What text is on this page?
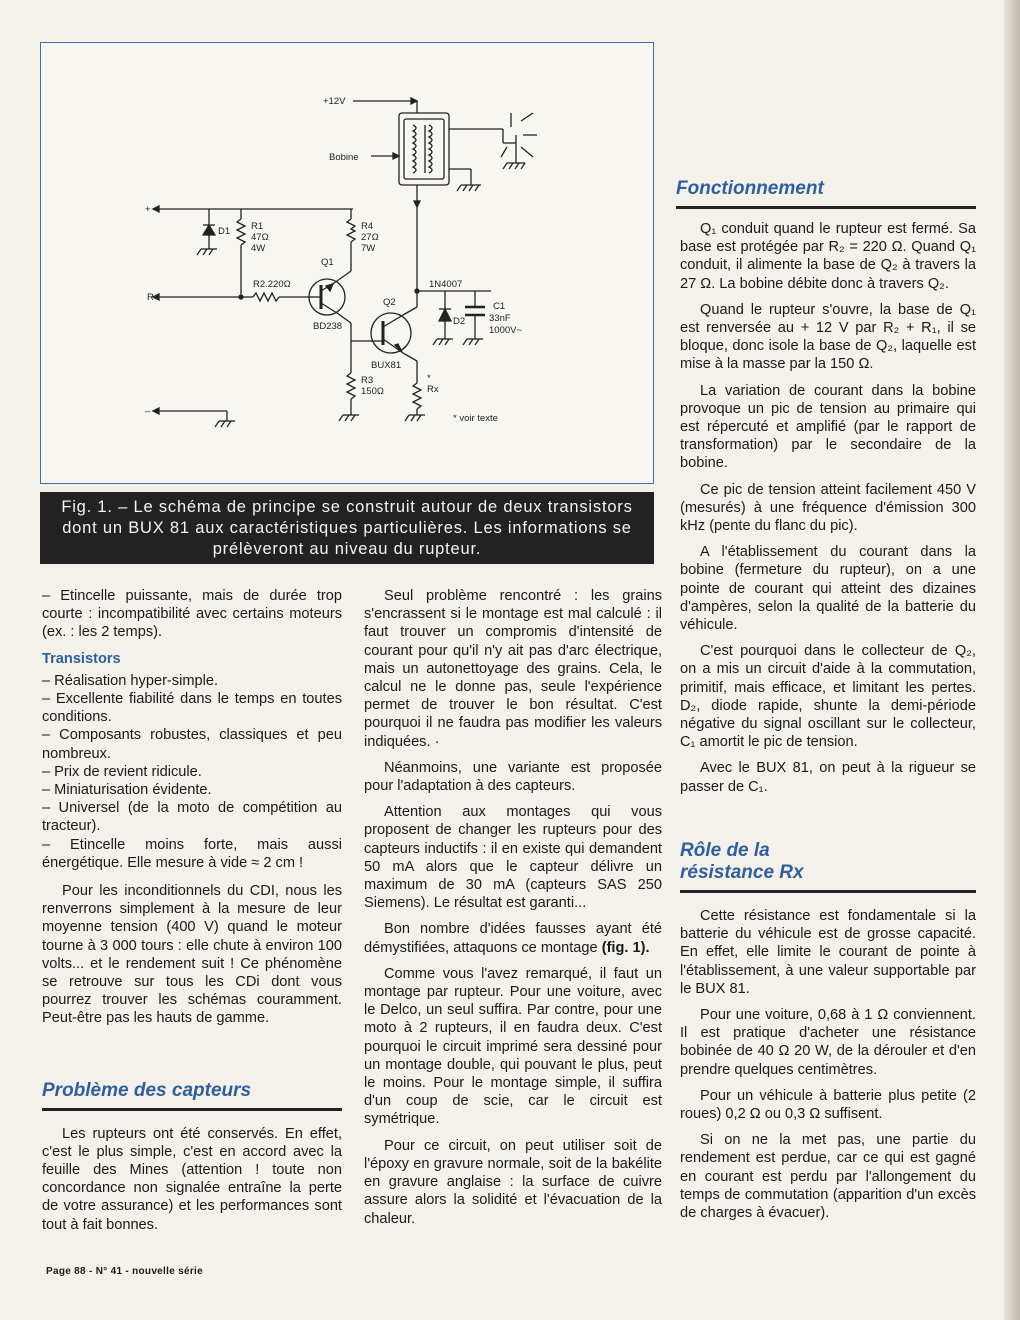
+12V
Bobine
+
R
–
D1 R1
47Ω
4W
R4
27Ω
7W
Q1
R2.220Ω
BD238
Q2
1N4007
D2
C1
33nF
1000V~
BUX81
R3
150Ω
*
Rx
* voir texte
Fig. 1. – Le schéma de principe se construit autour de deux transistors dont un BUX 81 aux caractéristiques particulières. Les informations se prélèveront au niveau du rupteur.

– Etincelle puissante, mais de durée trop courte : incompatibilité avec certains moteurs (ex. : les 2 temps).

Transistors

– Réalisation hyper-simple.

– Excellente fiabilité dans le temps en toutes conditions.

– Composants robustes, classiques et peu nombreux.

– Prix de revient ridicule.

– Miniaturisation évidente.

– Universel (de la moto de compétition au tracteur).

– Etincelle moins forte, mais aussi énergétique. Elle mesure à vide ≈ 2 cm !

Pour les inconditionnels du CDI, nous les renverrons simplement à la mesure de leur moyenne tension (400 V) quand le moteur tourne à 3 000 tours : elle chute à environ 100 volts... et le rendement suit ! Ce phénomène se retrouve sur tous les CDi dont vous pourrez trouver les schémas couramment. Peut-être pas les hauts de gamme.

Problème des capteurs

Les rupteurs ont été conservés. En effet, c'est le plus simple, c'est en accord avec la feuille des Mines (attention ! toute non concordance non signalée entraîne la perte de votre assurance) et les performances sont tout à fait bonnes.

Seul problème rencontré : les grains s'encrassent si le montage est mal calculé : il faut trouver un compromis d'intensité de courant pour qu'il n'y ait pas d'arc électrique, mais un autonettoyage des grains. Cela, le calcul ne le donne pas, seule l'expérience permet de trouver le bon résultat. C'est pourquoi il ne faudra pas modifier les valeurs indiquées. ·

Néanmoins, une variante est proposée pour l'adaptation à des capteurs.

Attention aux montages qui vous proposent de changer les rupteurs pour des capteurs inductifs : il en existe qui demandent 50 mA alors que le capteur délivre un maximum de 30 mA (capteurs SAS 250 Siemens). Le résultat est garanti...

Bon nombre d'idées fausses ayant été démystifiées, attaquons ce montage (fig. 1).

Comme vous l'avez remarqué, il faut un montage par rupteur. Pour une voiture, avec le Delco, un seul suffira. Par contre, pour une moto à 2 rupteurs, il en faudra deux. C'est pourquoi le circuit imprimé sera dessiné pour un montage double, qui pouvant le plus, peut le moins. Pour le montage simple, il suffira d'un coup de scie, car le circuit est symétrique.

Pour ce circuit, on peut utiliser soit de l'époxy en gravure normale, soit de la bakélite en gravure anglaise : la surface de cuivre assure alors la solidité et l'évacuation de la chaleur.

Fonctionnement

Q₁ conduit quand le rupteur est fermé. Sa base est protégée par R₂ = 220 Ω. Quand Q₁ conduit, il alimente la base de Q₂ à travers la 27 Ω. La bobine débite donc à travers Q₂.

Quand le rupteur s'ouvre, la base de Q₁ est renversée au + 12 V par R₂ + R₁, il se bloque, donc isole la base de Q₂, laquelle est mise à la masse par la 150 Ω.

La variation de courant dans la bobine provoque un pic de tension au primaire qui est répercuté et amplifié (par le rapport de transformation) par le secondaire de la bobine.

Ce pic de tension atteint facilement 450 V (mesurés) à une fréquence d'émission 300 kHz (pente du flanc du pic).

A l'établissement du courant dans la bobine (fermeture du rupteur), on a une pointe de courant qui atteint des dizaines d'ampères, selon la qualité de la batterie du véhicule.

C'est pourquoi dans le collecteur de Q₂, on a mis un circuit d'aide à la commutation, primitif, mais efficace, et limitant les pertes. D₂, diode rapide, shunte la demi-période négative du signal oscillant sur le collecteur, C₁ amortit le pic de tension.

Avec le BUX 81, on peut à la rigueur se passer de C₁.

Rôle de la
résistance Rx

Cette résistance est fondamentale si la batterie du véhicule est de grosse capacité. En effet, elle limite le courant de pointe à l'établissement, à une valeur supportable par le BUX 81.

Pour une voiture, 0,68 à 1 Ω conviennent. Il est pratique d'acheter une résistance bobinée de 40 Ω 20 W, de la dérouler et d'en prendre quelques centimètres.

Pour un véhicule à batterie plus petite (2 roues) 0,2 Ω ou 0,3 Ω suffisent.

Si on ne la met pas, une partie du rendement est perdue, car ce qui est gagné en courant est perdu par l'allongement du temps de commutation (apparition d'un excès de charges à évacuer).

Page 88 - N° 41 - nouvelle série
